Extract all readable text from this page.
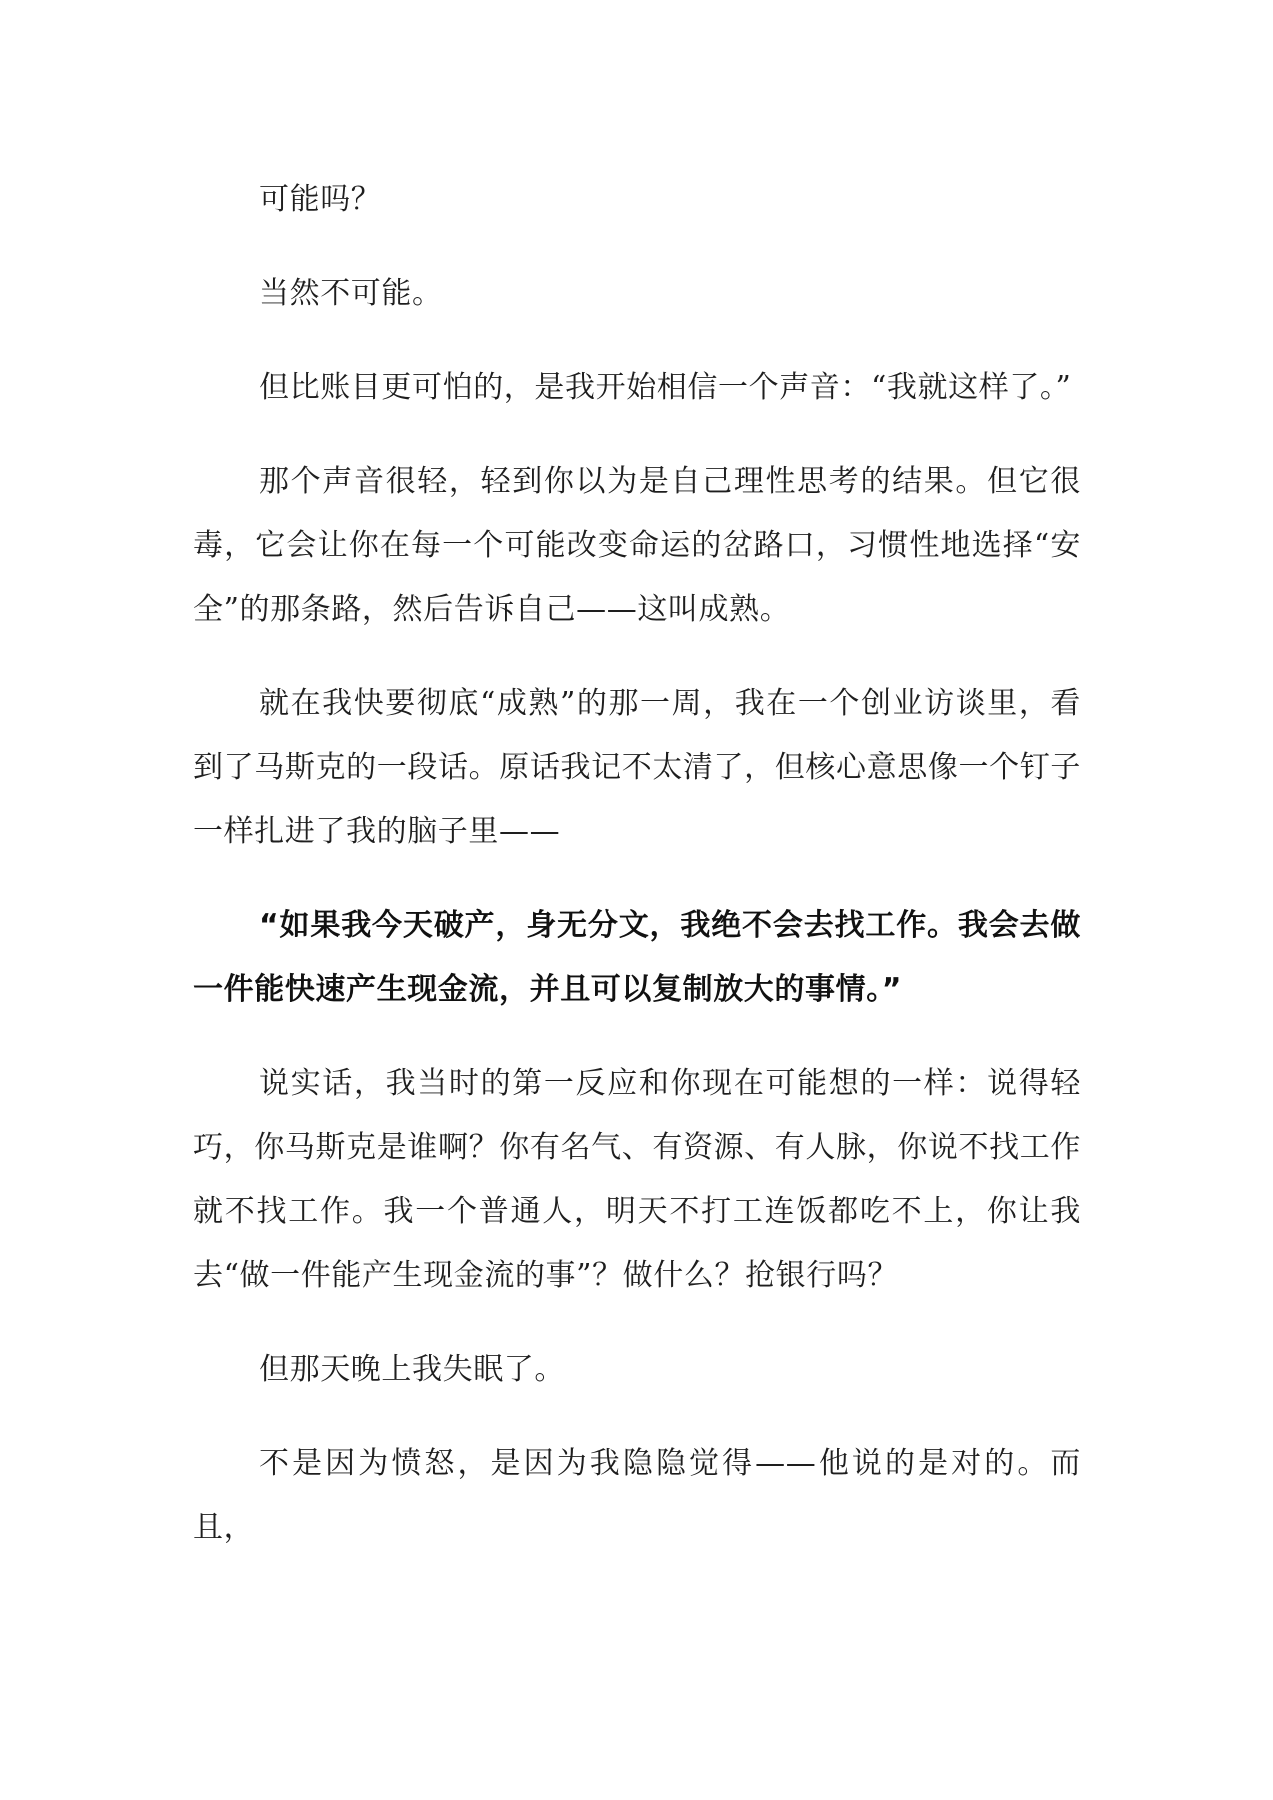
可能吗？

当然不可能。

但比账目更可怕的，是我开始相信一个声音：“我就这样了。”

那个声音很轻，轻到你以为是自己理性思考的结果。但它很毒，它会让你在每一个可能改变命运的岔路口，习惯性地选择“安全”的那条路，然后告诉自己——这叫成熟。

就在我快要彻底“成熟”的那一周，我在一个创业访谈里，看到了马斯克的一段话。原话我记不太清了，但核心意思像一个钉子一样扎进了我的脑子里——

“如果我今天破产，身无分文，我绝不会去找工作。我会去做一件能快速产生现金流，并且可以复制放大的事情。”

说实话，我当时的第一反应和你现在可能想的一样：说得轻巧，你马斯克是谁啊？你有名气、有资源、有人脉，你说不找工作就不找工作。我一个普通人，明天不打工连饭都吃不上，你让我去“做一件能产生现金流的事”？做什么？抢银行吗？

但那天晚上我失眠了。

不是因为愤怒，是因为我隐隐觉得——他说的是对的。而且，
